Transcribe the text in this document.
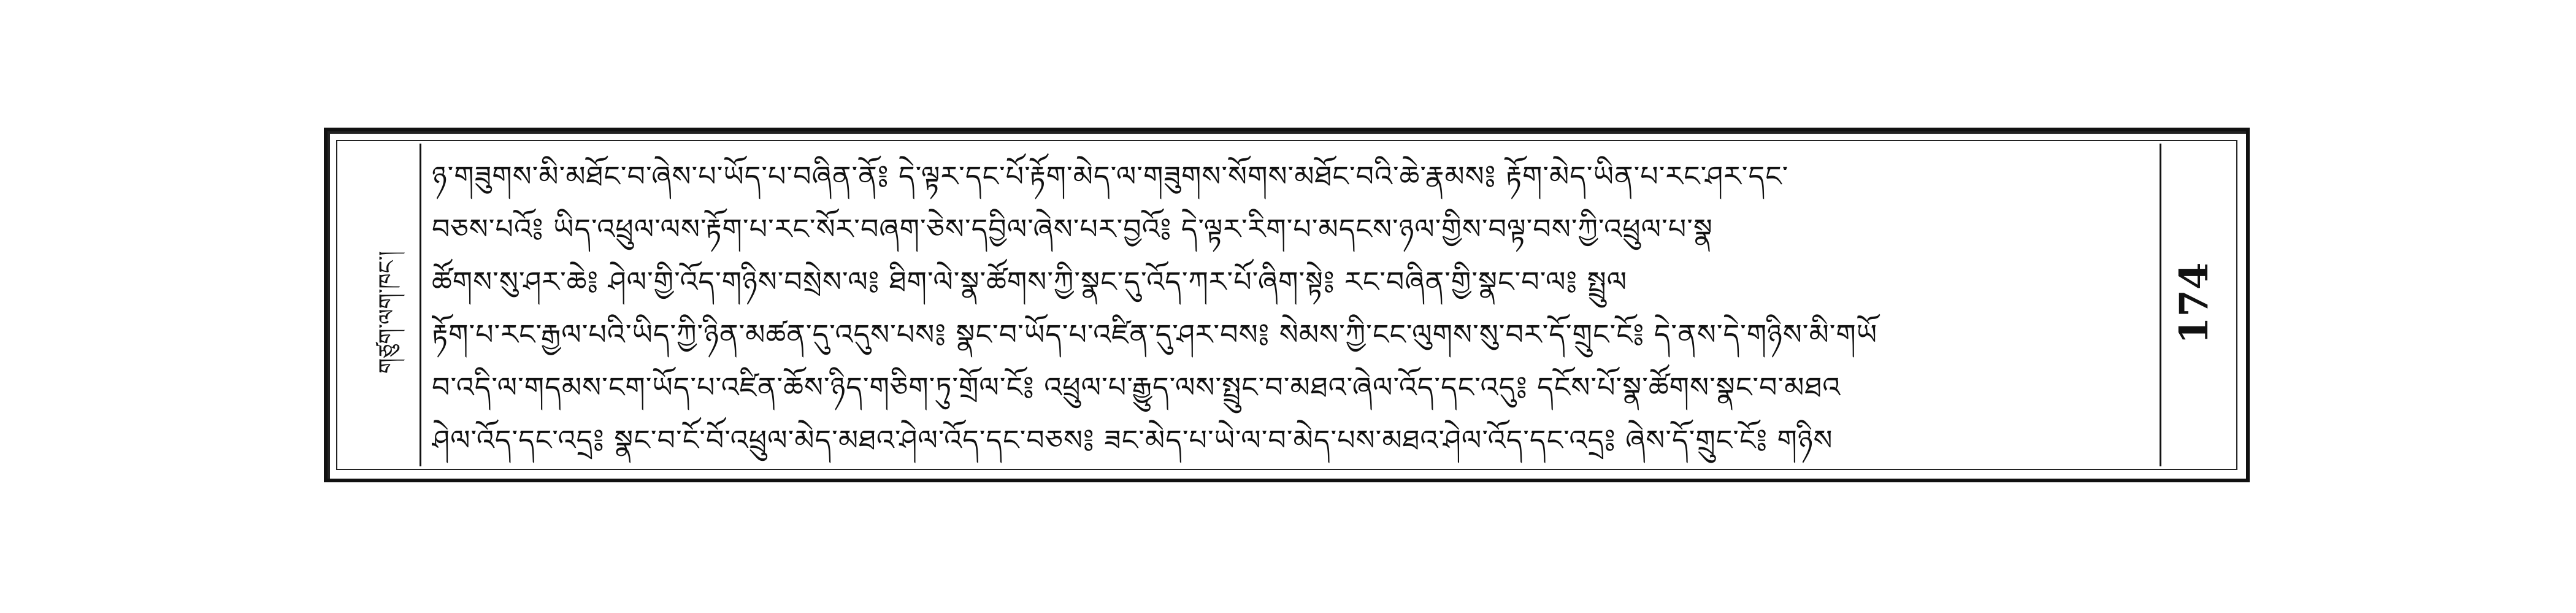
གཙུག་ལག་ཁང་།
ཉ་གཟུགས་མི་མཐོང་བ་ཞེས་པ་ཡོད་པ་བཞིན་ནོ༔ དེ་ལྟར་དང་པོ་རྟོག་མེད་ལ་གཟུགས་སོགས་མཐོང་བའི་ཆེ་རྣམས༔ རྟོག་མེད་ཡིན་པ་རང་ཤར་དང་
བཅས་པའོ༔ ཡིད་འཕྲུལ་ལས་རྟོག་པ་རང་སོར་བཞག་ཅེས་དབྱིལ་ཞེས་པར་བྱའོ༔ དེ་ལྟར་རིག་པ་མདངས་ཉལ་གྱིས་བལྟ་བས་ཀྱི་འཕྲུལ་པ་སྣ
ཚོགས་སུ་ཤར་ཆེ༔ ཤེལ་གྱི་འོད་གཉིས་བསྲེས་ལ༔ ཐིག་ལེ་སྣ་ཚོགས་ཀྱི་སྣང་དུ་འོད་ཀར་པོ་ཞིག་སྟེ༔ རང་བཞིན་གྱི་སྣང་བ་ལ༔ སྤྲུལ
རྟོག་པ་རང་རྒྱལ་པའི་ཡིད་ཀྱི་ཉིན་མཚན་དུ་འདུས་པས༔ སྣང་བ་ཡོད་པ་འཛིན་དུ་ཤར་བས༔ སེམས་ཀྱི་ངང་ལུགས་སུ་བར་དོ་གྲུང་ངོ༔ དེ་ནས་དེ་གཉིས་མི་གཡོ
བ་འདི་ལ་གདམས་ངག་ཡོད་པ་འཛིན་ཆོས་ཉིད་གཅིག་ཏུ་གྲོལ་ངོ༔ འཕྲུལ་པ་རྒྱུད་ལས་སྤྲུང་བ་མཐའ་ཞེལ་འོད་དང་འདུ༔ དངོས་པོ་སྣ་ཚོགས་སྣང་བ་མཐའ
ཤེལ་འོད་དང་འདྲ༔ སྣང་བ་ངོ་བོ་འཕྲུལ་མེད་མཐའ་ཤེལ་འོད་དང་བཅས༔ ཟང་མེད་པ་ཡེ་ལ་བ་མེད་པས་མཐའ་ཤེལ་འོད་དང་འདྲ༔ ཞེས་དོ་གྲུང་ངོ༔ གཉིས
174
